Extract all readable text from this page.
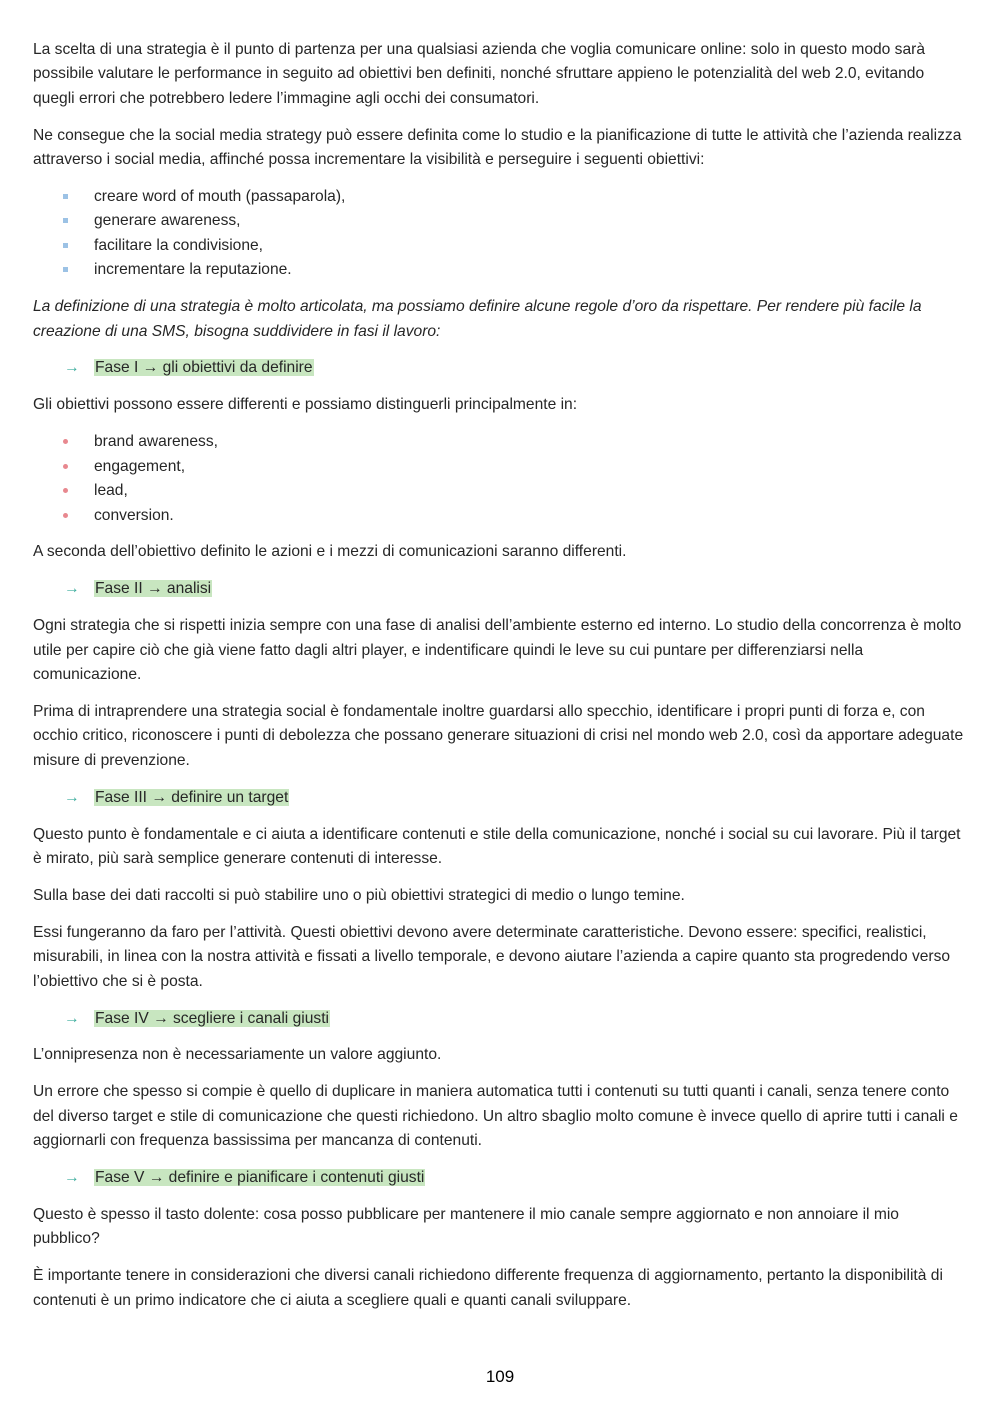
La scelta di una strategia è il punto di partenza per una qualsiasi azienda che voglia comunicare online: solo in questo modo sarà possibile valutare le performance in seguito ad obiettivi ben definiti, nonché sfruttare appieno le potenzialità del web 2.0, evitando quegli errori che potrebbero ledere l’immagine agli occhi dei consumatori.

Ne consegue che la social media strategy può essere definita come lo studio e la pianificazione di tutte le attività che l’azienda realizza attraverso i social media, affinché possa incrementare la visibilità e perseguire i seguenti obiettivi:

creare word of mouth (passaparola),
generare awareness,
facilitare la condivisione,
incrementare la reputazione.

La definizione di una strategia è molto articolata, ma possiamo definire alcune regole d’oro da rispettare. Per rendere più facile la creazione di una SMS, bisogna suddividere in fasi il lavoro:

→ Fase I → gli obiettivi da definire

Gli obiettivi possono essere differenti e possiamo distinguerli principalmente in:

brand awareness,
engagement,
lead,
conversion.

A seconda dell’obiettivo definito le azioni e i mezzi di comunicazioni saranno differenti.

→ Fase II → analisi

Ogni strategia che si rispetti inizia sempre con una fase di analisi dell’ambiente esterno ed interno. Lo studio della concorrenza è molto utile per capire ciò che già viene fatto dagli altri player, e indentificare quindi le leve su cui puntare per differenziarsi nella comunicazione.

Prima di intraprendere una strategia social è fondamentale inoltre guardarsi allo specchio, identificare i propri punti di forza e, con occhio critico, riconoscere i punti di debolezza che possano generare situazioni di crisi nel mondo web 2.0, così da apportare adeguate misure di prevenzione.

→ Fase III → definire un target

Questo punto è fondamentale e ci aiuta a identificare contenuti e stile della comunicazione, nonché i social su cui lavorare. Più il target è mirato, più sarà semplice generare contenuti di interesse.

Sulla base dei dati raccolti si può stabilire uno o più obiettivi strategici di medio o lungo temine.

Essi fungeranno da faro per l’attività. Questi obiettivi devono avere determinate caratteristiche. Devono essere: specifici, realistici, misurabili, in linea con la nostra attività e fissati a livello temporale, e devono aiutare l’azienda a capire quanto sta progredendo verso l’obiettivo che si è posta.

→ Fase IV → scegliere i canali giusti

L’onnipresenza non è necessariamente un valore aggiunto.

Un errore che spesso si compie è quello di duplicare in maniera automatica tutti i contenuti su tutti quanti i canali, senza tenere conto del diverso target e stile di comunicazione che questi richiedono. Un altro sbaglio molto comune è invece quello di aprire tutti i canali e aggiornarli con frequenza bassissima per mancanza di contenuti.

→ Fase V → definire e pianificare i contenuti giusti

Questo è spesso il tasto dolente: cosa posso pubblicare per mantenere il mio canale sempre aggiornato e non annoiare il mio pubblico?

È importante tenere in considerazioni che diversi canali richiedono differente frequenza di aggiornamento, pertanto la disponibilità di contenuti è un primo indicatore che ci aiuta a scegliere quali e quanti canali sviluppare.

109
